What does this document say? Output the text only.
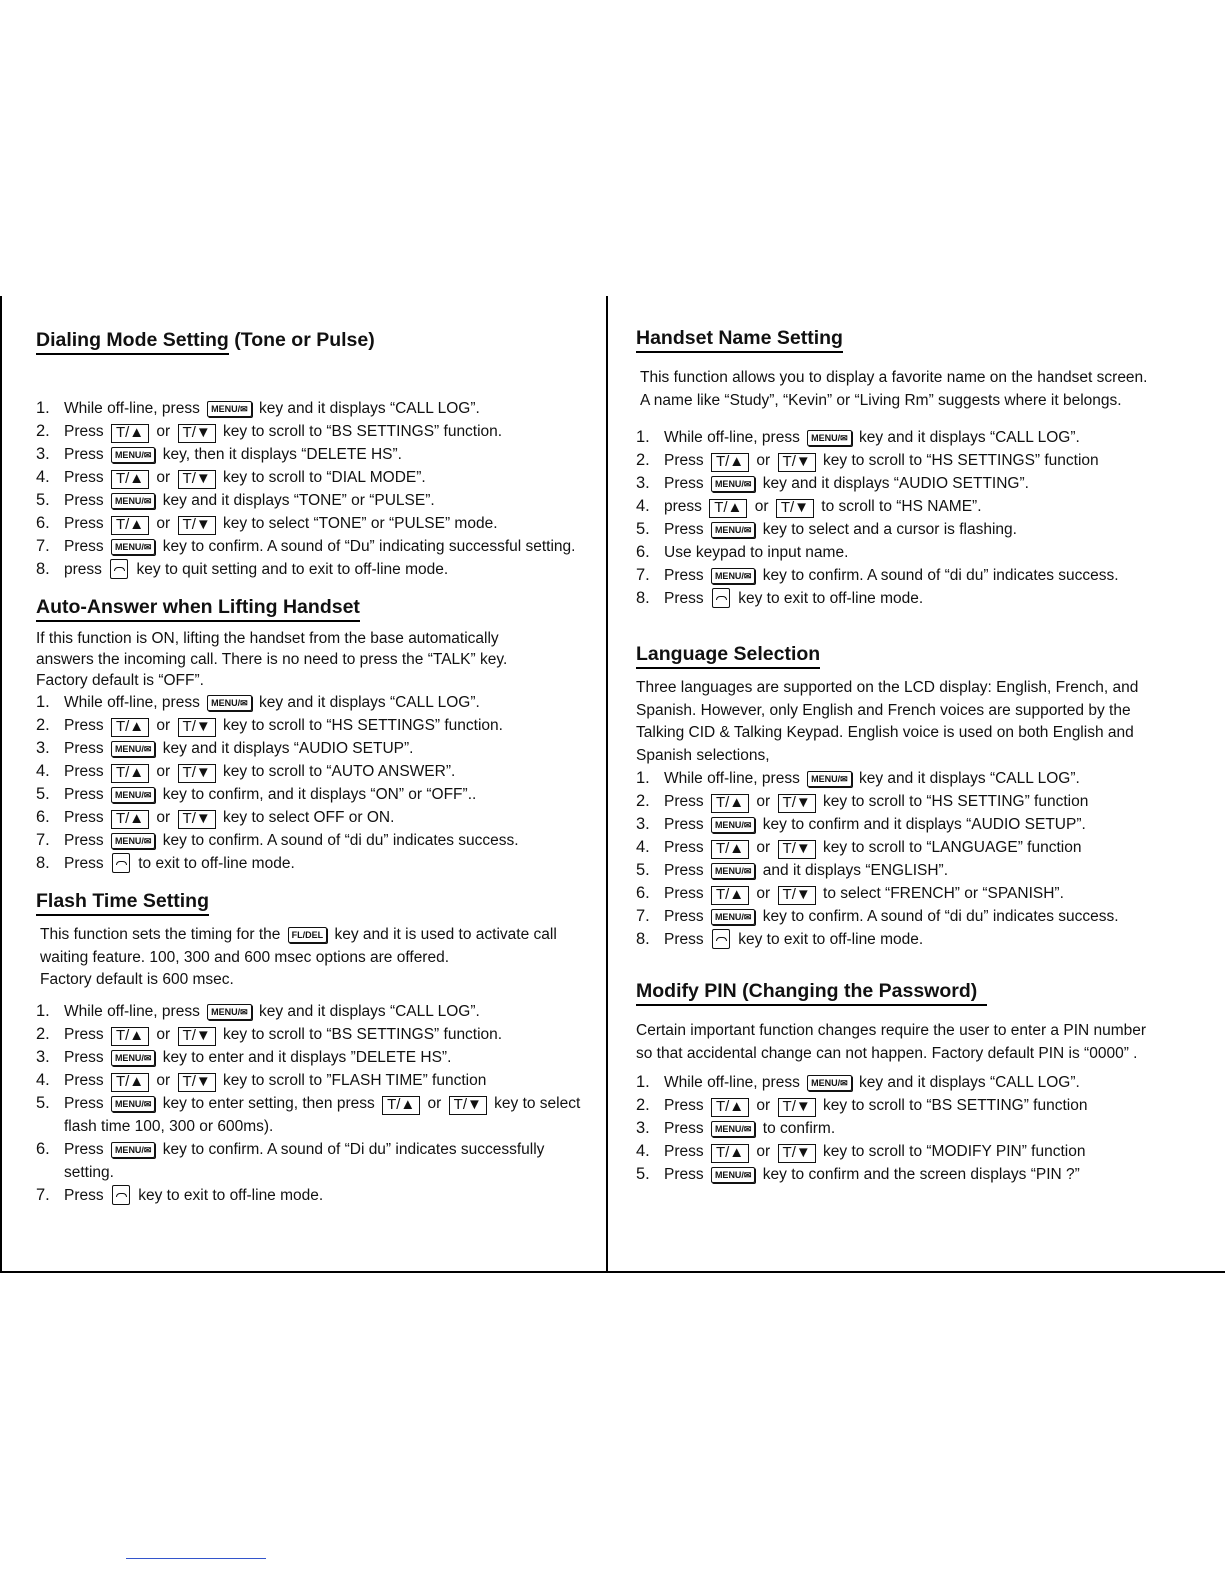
Dialing Mode Setting (Tone or Pulse)
1. While off-line, press MENU/✉ key and it displays “CALL LOG”.
2. Press T/▲ or T/▼ key to scroll to “BS SETTINGS” function.
3. Press MENU/✉ key, then it displays “DELETE HS”.
4. Press T/▲ or T/▼ key to scroll to “DIAL MODE”.
5. Press MENU/✉ key and it displays “TONE” or “PULSE”.
6. Press T/▲ or T/▼ key to select “TONE” or “PULSE” mode.
7. Press MENU/✉ key to confirm. A sound of “Du” indicating successful setting.
8. press  key to quit setting and to exit to off-line mode.
Auto-Answer when Lifting Handset

If this function is ON, lifting the handset from the base automatically

answers the incoming call. There is no need to press the “TALK” key.

Factory default is “OFF”.

1. While off-line, press MENU/✉ key and it displays “CALL LOG”.
2. Press T/▲ or T/▼ key to scroll to “HS SETTINGS” function.
3. Press MENU/✉ key and it displays “AUDIO SETUP”.
4. Press T/▲ or T/▼ key to scroll to “AUTO ANSWER”.
5. Press MENU/✉ key to confirm, and it displays “ON” or “OFF”..
6. Press T/▲ or T/▼ key to select OFF or ON.
7. Press MENU/✉ key to confirm. A sound of “di du” indicates success.
8. Press  to exit to off-line mode.
Flash Time Setting

This function sets the timing for the FL/DEL key and it is used to activate call waiting feature. 100, 300 and 600 msec options are offered.

Factory default is 600 msec.

1. While off-line, press MENU/✉ key and it displays “CALL LOG”.
2. Press T/▲ or T/▼ key to scroll to “BS SETTINGS” function.
3. Press MENU/✉ key to enter and it displays ”DELETE HS”.
4. Press T/▲ or T/▼ key to scroll to ”FLASH TIME” function
5. Press MENU/✉ key to enter setting, then press T/▲ or T/▼ key to select flash time 100, 300 or 600ms).
6. Press MENU/✉ key to confirm. A sound of “Di du” indicates successfully setting.
7. Press  key to exit to off-line mode.
Handset Name Setting

This function allows you to display a favorite name on the handset screen.

A name like “Study”, “Kevin” or “Living Rm” suggests where it belongs.

1. While off-line, press MENU/✉ key and it displays “CALL LOG”.
2. Press T/▲ or T/▼ key to scroll to “HS SETTINGS” function
3. Press MENU/✉ key and it displays “AUDIO SETTING”.
4. press T/▲ or T/▼ to scroll to “HS NAME”.
5. Press MENU/✉ key to select and a cursor is flashing.
6. Use keypad to input name.
7. Press MENU/✉ key to confirm. A sound of “di du” indicates success.
8. Press  key to exit to off-line mode.
Language Selection

Three languages are supported on the LCD display: English, French, and

Spanish. However, only English and French voices are supported by the

Talking CID & Talking Keypad. English voice is used on both English and

Spanish selections,

1. While off-line, press MENU/✉ key and it displays “CALL LOG”.
2. Press T/▲ or T/▼ key to scroll to “HS SETTING” function
3. Press MENU/✉ key to confirm and it displays “AUDIO SETUP”.
4. Press T/▲ or T/▼ key to scroll to “LANGUAGE” function
5. Press MENU/✉ and it displays “ENGLISH”.
6. Press T/▲ or T/▼ to select “FRENCH” or “SPANISH”.
7. Press MENU/✉ key to confirm. A sound of “di du” indicates success.
8. Press  key to exit to off-line mode.
Modify PIN (Changing the Password)

Certain important function changes require the user to enter a PIN number

so that accidental change can not happen. Factory default PIN is “0000” .

1. While off-line, press MENU/✉ key and it displays “CALL LOG”.
2. Press T/▲ or T/▼ key to scroll to “BS SETTING” function
3. Press MENU/✉ to confirm.
4. Press T/▲ or T/▼ key to scroll to “MODIFY PIN” function
5. Press MENU/✉ key to confirm and the screen displays “PIN ?”
